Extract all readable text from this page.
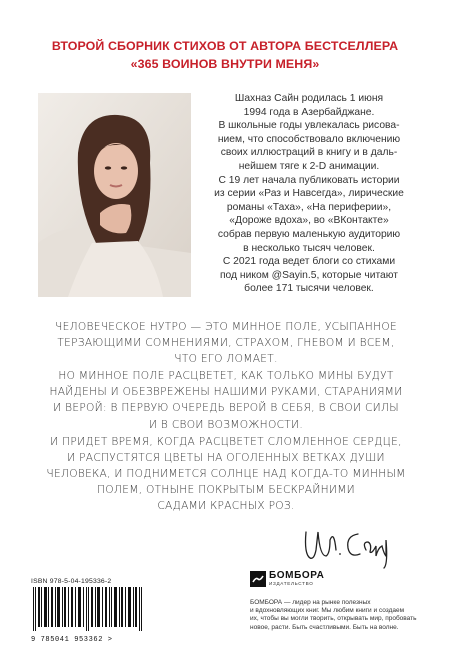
ВТОРОЙ СБОРНИК СТИХОВ ОТ АВТОРА БЕСТСЕЛЛЕРА
«365 ВОИНОВ ВНУТРИ МЕНЯ»

Шахназ Сайн родилась 1 июня
1994 года в Азербайджане.

В школьные годы увлекалась рисова-
нием, что способствовало включению
своих иллюстраций в книгу и в даль-
нейшем тяге к 2-D анимации.

С 19 лет начала публиковать истории
из серии «Раз и Навсегда», лирические
романы «Таха», «На периферии»,
«Дороже вдоха», во «ВКонтакте»
собрав первую маленькую аудиторию
в несколько тысяч человек.

С 2021 года ведет блоги со стихами
под ником @Sayin.5, которые читают
более 171 тысячи человек.

ЧЕЛОВЕЧЕСКОЕ НУТРО — ЭТО МИННОЕ ПОЛЕ, УСЫПАННОЕ
ТЕРЗАЮЩИМИ СОМНЕНИЯМИ, СТРАХОМ, ГНЕВОМ И ВСЕМ,
ЧТО ЕГО ЛОМАЕТ.

НО МИННОЕ ПОЛЕ РАСЦВЕТЕТ, КАК ТОЛЬКО МИНЫ БУДУТ
НАЙДЕНЫ И ОБЕЗВРЕЖЕНЫ НАШИМИ РУКАМИ, СТАРАНИЯМИ
И ВЕРОЙ: В ПЕРВУЮ ОЧЕРЕДЬ ВЕРОЙ В СЕБЯ, В СВОИ СИЛЫ
И В СВОИ ВОЗМОЖНОСТИ.

И ПРИДЕТ ВРЕМЯ, КОГДА РАСЦВЕТЕТ СЛОМЛЕННОЕ СЕРДЦЕ,
И РАСПУСТЯТСЯ ЦВЕТЫ НА ОГОЛЕННЫХ ВЕТКАХ ДУШИ
ЧЕЛОВЕКА, И ПОДНИМЕТСЯ СОЛНЦЕ НАД КОГДА-ТО МИННЫМ
ПОЛЕМ, ОТНЫНЕ ПОКРЫТЫМ БЕСКРАЙНИМИ
САДАМИ КРАСНЫХ РОЗ.

ISBN 978-5-04-195336-2
9 785041 953362 >
БОМБОРА
ИЗДАТЕЛЬСТВО
БОМБОРА — лидер на рынке полезных
и вдохновляющих книг. Мы любим книги и создаем
их, чтобы вы могли творить, открывать мир, пробовать
новое, расти. Быть счастливыми. Быть на волне.
